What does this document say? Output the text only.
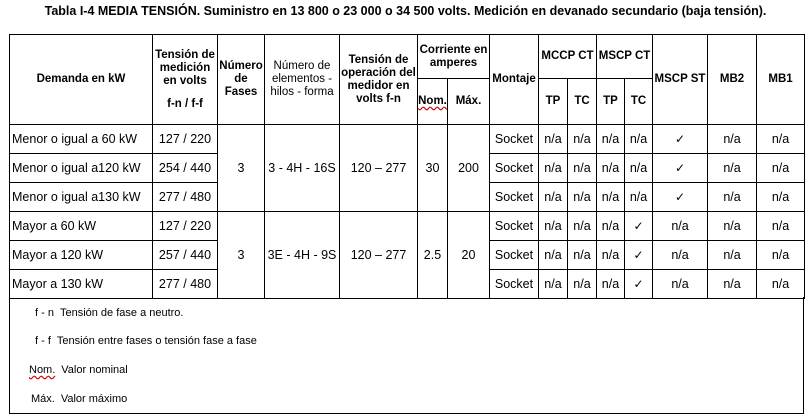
Tabla I-4 MEDIA TENSIÓN. Suministro en 13 800 o 23 000 o 34 500 volts. Medición en devanado secundario (baja tensión).
Demanda en kW	Tensión de
medición
en volts
f-n / f-f	Número
de
Fases	Número de
elementos -
hilos - forma	Tensión de
operación del
medidor en
volts f-n	Corriente en
amperes		Montaje	MCCP CT		MSCP CT		MSCP ST	MB2	MB1
					Nom.	Máx.		TP	TC	TP	TC			
Menor o igual a 60 kW	127 / 220	3	3 - 4H - 16S	120 – 277	30	200	Socket	n/a	n/a	n/a	n/a	✓	n/a	n/a
Menor o igual a120 kW	254 / 440						Socket	n/a	n/a	n/a	n/a	✓	n/a	n/a
Menor o igual a130 kW	277 / 480						Socket	n/a	n/a	n/a	n/a	✓	n/a	n/a
Mayor a 60 kW	127 / 220	3	3E - 4H - 9S	120 – 277	2.5	20	Socket	n/a	n/a	n/a	✓	n/a	n/a	n/a
Mayor a 120 kW	257 / 440						Socket	n/a	n/a	n/a	✓	n/a	n/a	n/a
Mayor a 130 kW	277 / 480						Socket	n/a	n/a	n/a	✓	n/a	n/a	n/a
f - n Tensión de fase a neutro.
f - f Tensión entre fases o tensión fase a fase
Nom. Valor nominal
Máx. Valor máximo
